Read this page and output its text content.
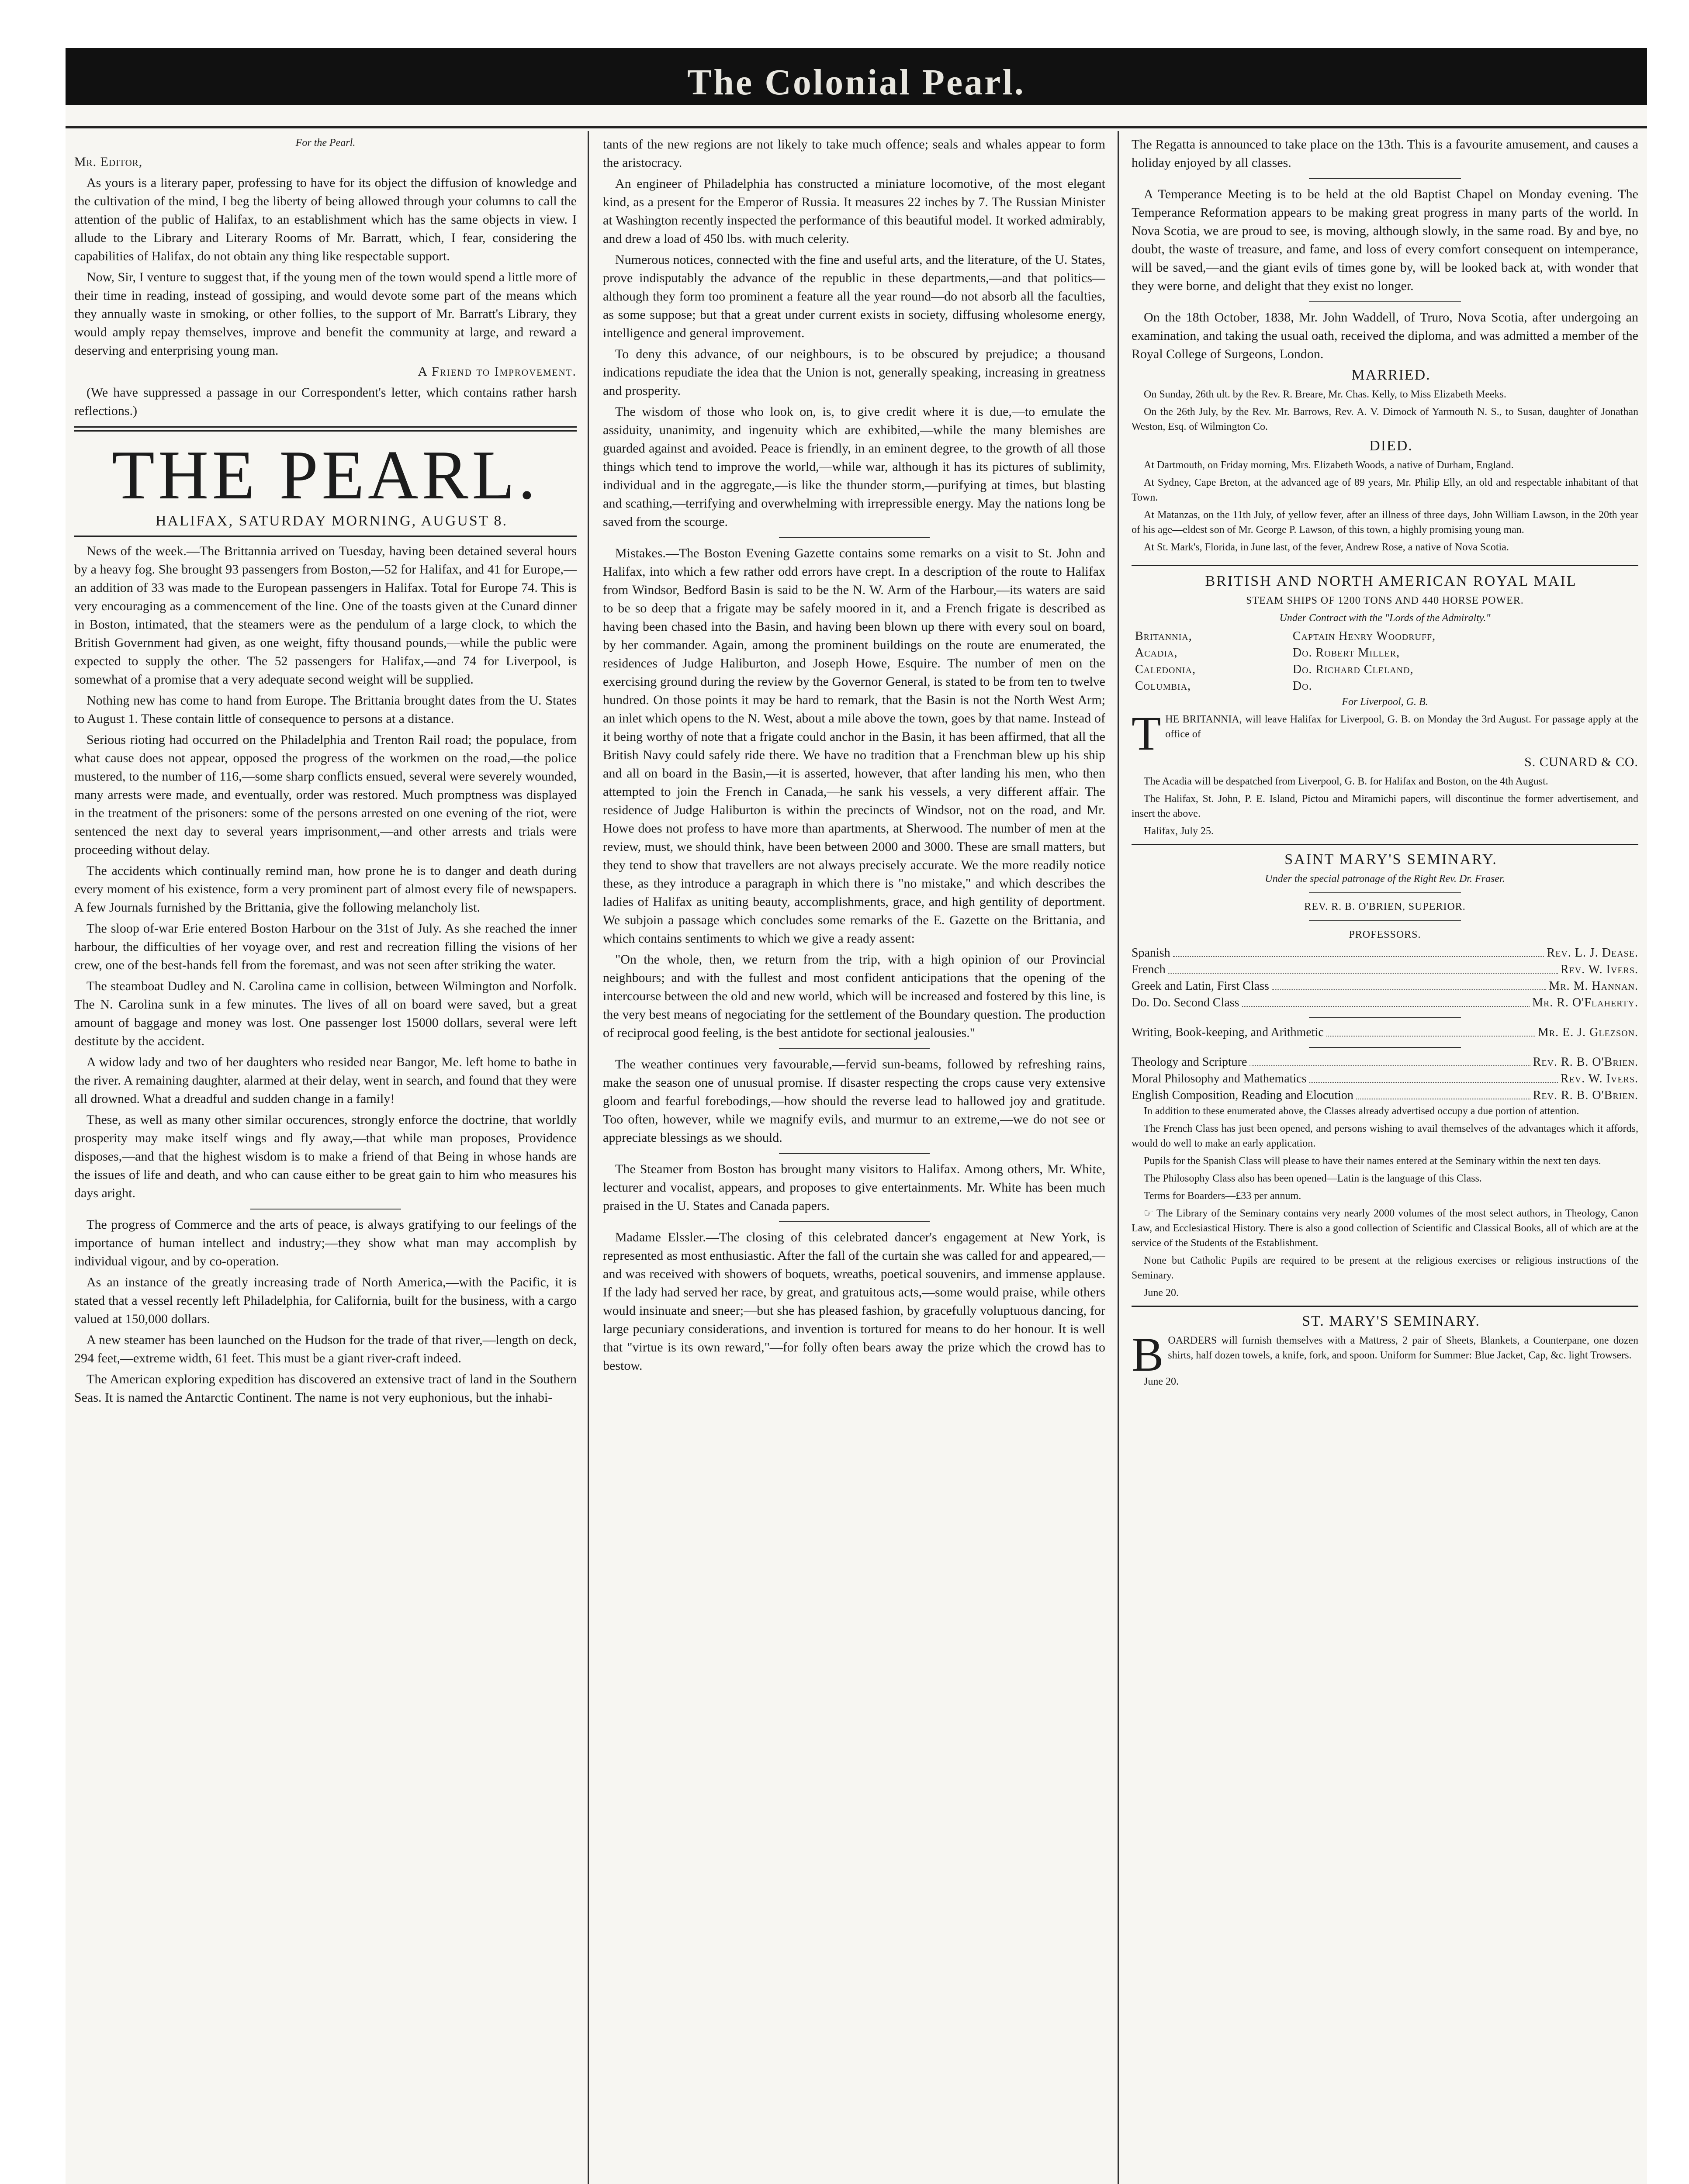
The Colonial Pearl.

For the Pearl.

Mr. Editor,

As yours is a literary paper, professing to have for its object the diffusion of knowledge and the cultivation of the mind, I beg the liberty of being allowed through your columns to call the attention of the public of Halifax, to an establishment which has the same objects in view. I allude to the Library and Literary Rooms of Mr. Barratt, which, I fear, considering the capabilities of Halifax, do not obtain any thing like respectable support.

Now, Sir, I venture to suggest that, if the young men of the town would spend a little more of their time in reading, instead of gossiping, and would devote some part of the means which they annually waste in smoking, or other follies, to the support of Mr. Barratt's Library, they would amply repay themselves, improve and benefit the community at large, and reward a deserving and enterprising young man.

A Friend to Improvement.

(We have suppressed a passage in our Correspondent's letter, which contains rather harsh reflections.)

THE PEARL.

HALIFAX, SATURDAY MORNING, AUGUST 8.

News of the week.—The Brittannia arrived on Tuesday, having been detained several hours by a heavy fog. She brought 93 passengers from Boston,—52 for Halifax, and 41 for Europe,—an addition of 33 was made to the European passengers in Halifax. Total for Europe 74. This is very encouraging as a commencement of the line. One of the toasts given at the Cunard dinner in Boston, intimated, that the steamers were as the pendulum of a large clock, to which the British Government had given, as one weight, fifty thousand pounds,—while the public were expected to supply the other. The 52 passengers for Halifax,—and 74 for Liverpool, is somewhat of a promise that a very adequate second weight will be supplied.

Nothing new has come to hand from Europe. The Brittania brought dates from the U. States to August 1. These contain little of consequence to persons at a distance.

Serious rioting had occurred on the Philadelphia and Trenton Rail road; the populace, from what cause does not appear, opposed the progress of the workmen on the road,—the police mustered, to the number of 116,—some sharp conflicts ensued, several were severely wounded, many arrests were made, and eventually, order was restored. Much promptness was displayed in the treatment of the prisoners: some of the persons arrested on one evening of the riot, were sentenced the next day to several years imprisonment,—and other arrests and trials were proceeding without delay.

The accidents which continually remind man, how prone he is to danger and death during every moment of his existence, form a very prominent part of almost every file of newspapers. A few Journals furnished by the Brittania, give the following melancholy list.

The sloop of-war Erie entered Boston Harbour on the 31st of July. As she reached the inner harbour, the difficulties of her voyage over, and rest and recreation filling the visions of her crew, one of the best-hands fell from the foremast, and was not seen after striking the water.

The steamboat Dudley and N. Carolina came in collision, between Wilmington and Norfolk. The N. Carolina sunk in a few minutes. The lives of all on board were saved, but a great amount of baggage and money was lost. One passenger lost 15000 dollars, several were left destitute by the accident.

A widow lady and two of her daughters who resided near Bangor, Me. left home to bathe in the river. A remaining daughter, alarmed at their delay, went in search, and found that they were all drowned. What a dreadful and sudden change in a family!

These, as well as many other similar occurences, strongly enforce the doctrine, that worldly prosperity may make itself wings and fly away,—that while man proposes, Providence disposes,—and that the highest wisdom is to make a friend of that Being in whose hands are the issues of life and death, and who can cause either to be great gain to him who measures his days aright.

The progress of Commerce and the arts of peace, is always gratifying to our feelings of the importance of human intellect and industry;—they show what man may accomplish by individual vigour, and by co-operation.

As an instance of the greatly increasing trade of North America,—with the Pacific, it is stated that a vessel recently left Philadelphia, for California, built for the business, with a cargo valued at 150,000 dollars.

A new steamer has been launched on the Hudson for the trade of that river,—length on deck, 294 feet,—extreme width, 61 feet. This must be a giant river-craft indeed.

The American exploring expedition has discovered an extensive tract of land in the Southern Seas. It is named the Antarctic Continent. The name is not very euphonious, but the inhabi-

tants of the new regions are not likely to take much offence; seals and whales appear to form the aristocracy.

An engineer of Philadelphia has constructed a miniature locomotive, of the most elegant kind, as a present for the Emperor of Russia. It measures 22 inches by 7. The Russian Minister at Washington recently inspected the performance of this beautiful model. It worked admirably, and drew a load of 450 lbs. with much celerity.

Numerous notices, connected with the fine and useful arts, and the literature, of the U. States, prove indisputably the advance of the republic in these departments,—and that politics—although they form too prominent a feature all the year round—do not absorb all the faculties, as some suppose; but that a great under current exists in society, diffusing wholesome energy, intelligence and general improvement.

To deny this advance, of our neighbours, is to be obscured by prejudice; a thousand indications repudiate the idea that the Union is not, generally speaking, increasing in greatness and prosperity.

The wisdom of those who look on, is, to give credit where it is due,—to emulate the assiduity, unanimity, and ingenuity which are exhibited,—while the many blemishes are guarded against and avoided. Peace is friendly, in an eminent degree, to the growth of all those things which tend to improve the world,—while war, although it has its pictures of sublimity, individual and in the aggregate,—is like the thunder storm,—purifying at times, but blasting and scathing,—terrifying and overwhelming with irrepressible energy. May the nations long be saved from the scourge.

Mistakes.—The Boston Evening Gazette contains some remarks on a visit to St. John and Halifax, into which a few rather odd errors have crept. In a description of the route to Halifax from Windsor, Bedford Basin is said to be the N. W. Arm of the Harbour,—its waters are said to be so deep that a frigate may be safely moored in it, and a French frigate is described as having been chased into the Basin, and having been blown up there with every soul on board, by her commander. Again, among the prominent buildings on the route are enumerated, the residences of Judge Haliburton, and Joseph Howe, Esquire. The number of men on the exercising ground during the review by the Governor General, is stated to be from ten to twelve hundred. On those points it may be hard to remark, that the Basin is not the North West Arm; an inlet which opens to the N. West, about a mile above the town, goes by that name. Instead of it being worthy of note that a frigate could anchor in the Basin, it has been affirmed, that all the British Navy could safely ride there. We have no tradition that a Frenchman blew up his ship and all on board in the Basin,—it is asserted, however, that after landing his men, who then attempted to join the French in Canada,—he sank his vessels, a very different affair. The residence of Judge Haliburton is within the precincts of Windsor, not on the road, and Mr. Howe does not profess to have more than apartments, at Sherwood. The number of men at the review, must, we should think, have been between 2000 and 3000. These are small matters, but they tend to show that travellers are not always precisely accurate. We the more readily notice these, as they introduce a paragraph in which there is "no mistake," and which describes the ladies of Halifax as uniting beauty, accomplishments, grace, and high gentility of deportment. We subjoin a passage which concludes some remarks of the E. Gazette on the Brittania, and which contains sentiments to which we give a ready assent:

"On the whole, then, we return from the trip, with a high opinion of our Provincial neighbours; and with the fullest and most confident anticipations that the opening of the intercourse between the old and new world, which will be increased and fostered by this line, is the very best means of negociating for the settlement of the Boundary question. The production of reciprocal good feeling, is the best antidote for sectional jealousies."

The weather continues very favourable,—fervid sun-beams, followed by refreshing rains, make the season one of unusual promise. If disaster respecting the crops cause very extensive gloom and fearful forebodings,—how should the reverse lead to hallowed joy and gratitude. Too often, however, while we magnify evils, and murmur to an extreme,—we do not see or appreciate blessings as we should.

The Steamer from Boston has brought many visitors to Halifax. Among others, Mr. White, lecturer and vocalist, appears, and proposes to give entertainments. Mr. White has been much praised in the U. States and Canada papers.

Madame Elssler.—The closing of this celebrated dancer's engagement at New York, is represented as most enthusiastic. After the fall of the curtain she was called for and appeared,—and was received with showers of boquets, wreaths, poetical souvenirs, and immense applause. If the lady had served her race, by great, and gratuitous acts,—some would praise, while others would insinuate and sneer;—but she has pleased fashion, by gracefully voluptuous dancing, for large pecuniary considerations, and invention is tortured for means to do her honour. It is well that "virtue is its own reward,"—for folly often bears away the prize which the crowd has to bestow.

The Regatta is announced to take place on the 13th. This is a favourite amusement, and causes a holiday enjoyed by all classes.

A Temperance Meeting is to be held at the old Baptist Chapel on Monday evening. The Temperance Reformation appears to be making great progress in many parts of the world. In Nova Scotia, we are proud to see, is moving, although slowly, in the same road. By and bye, no doubt, the waste of treasure, and fame, and loss of every comfort consequent on intemperance, will be saved,—and the giant evils of times gone by, will be looked back at, with wonder that they were borne, and delight that they exist no longer.

On the 18th October, 1838, Mr. John Waddell, of Truro, Nova Scotia, after undergoing an examination, and taking the usual oath, received the diploma, and was admitted a member of the Royal College of Surgeons, London.

MARRIED.

On Sunday, 26th ult. by the Rev. R. Breare, Mr. Chas. Kelly, to Miss Elizabeth Meeks.

On the 26th July, by the Rev. Mr. Barrows, Rev. A. V. Dimock of Yarmouth N. S., to Susan, daughter of Jonathan Weston, Esq. of Wilmington Co.

DIED.

At Dartmouth, on Friday morning, Mrs. Elizabeth Woods, a native of Durham, England.

At Sydney, Cape Breton, at the advanced age of 89 years, Mr. Philip Elly, an old and respectable inhabitant of that Town.

At Matanzas, on the 11th July, of yellow fever, after an illness of three days, John William Lawson, in the 20th year of his age—eldest son of Mr. George P. Lawson, of this town, a highly promising young man.

At St. Mark's, Florida, in June last, of the fever, Andrew Rose, a native of Nova Scotia.

BRITISH AND NORTH AMERICAN ROYAL MAIL

STEAM SHIPS OF 1200 TONS AND 440 HORSE POWER.

Under Contract with the "Lords of the Admiralty."

Britannia,	Captain Henry Woodruff,
Acadia,	Do. Robert Miller,
Caledonia,	Do. Richard Cleland,
Columbia,	Do.

For Liverpool, G. B.

THE BRITANNIA, will leave Halifax for Liverpool, G. B. on Monday the 3rd August. For passage apply at the office of

S. CUNARD & CO.

The Acadia will be despatched from Liverpool, G. B. for Halifax and Boston, on the 4th August.

The Halifax, St. John, P. E. Island, Pictou and Miramichi papers, will discontinue the former advertisement, and insert the above.

Halifax, July 25.

SAINT MARY'S SEMINARY.

Under the special patronage of the Right Rev. Dr. Fraser.

REV. R. B. O'BRIEN, SUPERIOR.

PROFESSORS.

Spanish	Rev. L. J. Dease.
French	Rev. W. Ivers.
Greek and Latin, First Class	Mr. M. Hannan.
Do. Do. Second Class	Mr. R. O'Flaherty.
Writing, Book-keeping, and Arithmetic	Mr. E. J. Glezson.
Theology and Scripture	Rev. R. B. O'Brien.
Moral Philosophy and Mathematics	Rev. W. Ivers.
English Composition, Reading and Elocution	Rev. R. B. O'Brien.

In addition to these enumerated above, the Classes already advertised occupy a due portion of attention.

The French Class has just been opened, and persons wishing to avail themselves of the advantages which it affords, would do well to make an early application.

Pupils for the Spanish Class will please to have their names entered at the Seminary within the next ten days.

The Philosophy Class also has been opened—Latin is the language of this Class.

Terms for Boarders—£33 per annum.

☞ The Library of the Seminary contains very nearly 2000 volumes of the most select authors, in Theology, Canon Law, and Ecclesiastical History. There is also a good collection of Scientific and Classical Books, all of which are at the service of the Students of the Establishment.

None but Catholic Pupils are required to be present at the religious exercises or religious instructions of the Seminary.

June 20.

ST. MARY'S SEMINARY.

BOARDERS will furnish themselves with a Mattress, 2 pair of Sheets, Blankets, a Counterpane, one dozen shirts, half dozen towels, a knife, fork, and spoon. Uniform for Summer: Blue Jacket, Cap, &c. light Trowsers.

June 20.
